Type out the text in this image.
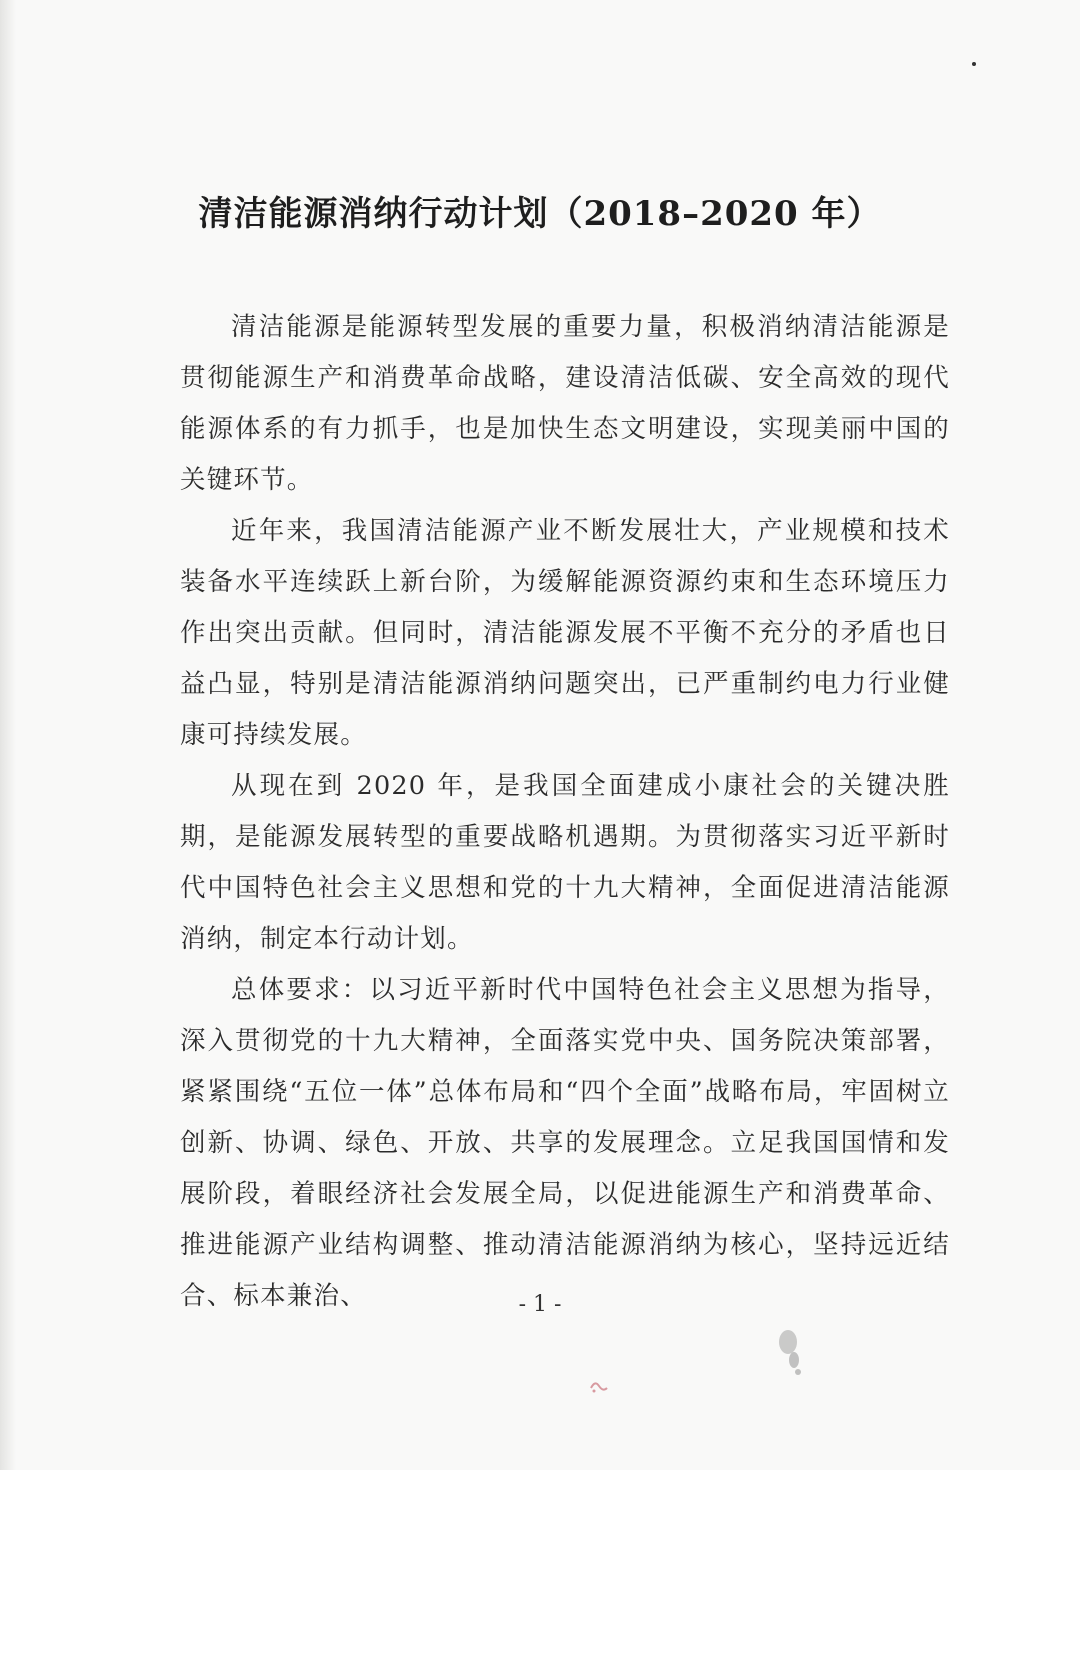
清洁能源消纳行动计划（2018–2020 年）

清洁能源是能源转型发展的重要力量，积极消纳清洁能源是贯彻能源生产和消费革命战略，建设清洁低碳、安全高效的现代能源体系的有力抓手，也是加快生态文明建设，实现美丽中国的关键环节。

近年来，我国清洁能源产业不断发展壮大，产业规模和技术装备水平连续跃上新台阶，为缓解能源资源约束和生态环境压力作出突出贡献。但同时，清洁能源发展不平衡不充分的矛盾也日益凸显，特别是清洁能源消纳问题突出，已严重制约电力行业健康可持续发展。

从现在到 2020 年，是我国全面建成小康社会的关键决胜期，是能源发展转型的重要战略机遇期。为贯彻落实习近平新时代中国特色社会主义思想和党的十九大精神，全面促进清洁能源消纳，制定本行动计划。

总体要求：以习近平新时代中国特色社会主义思想为指导，深入贯彻党的十九大精神，全面落实党中央、国务院决策部署，紧紧围绕“五位一体”总体布局和“四个全面”战略布局，牢固树立创新、协调、绿色、开放、共享的发展理念。立足我国国情和发展阶段，着眼经济社会发展全局，以促进能源生产和消费革命、推进能源产业结构调整、推动清洁能源消纳为核心，坚持远近结合、标本兼治、	- 1 -
